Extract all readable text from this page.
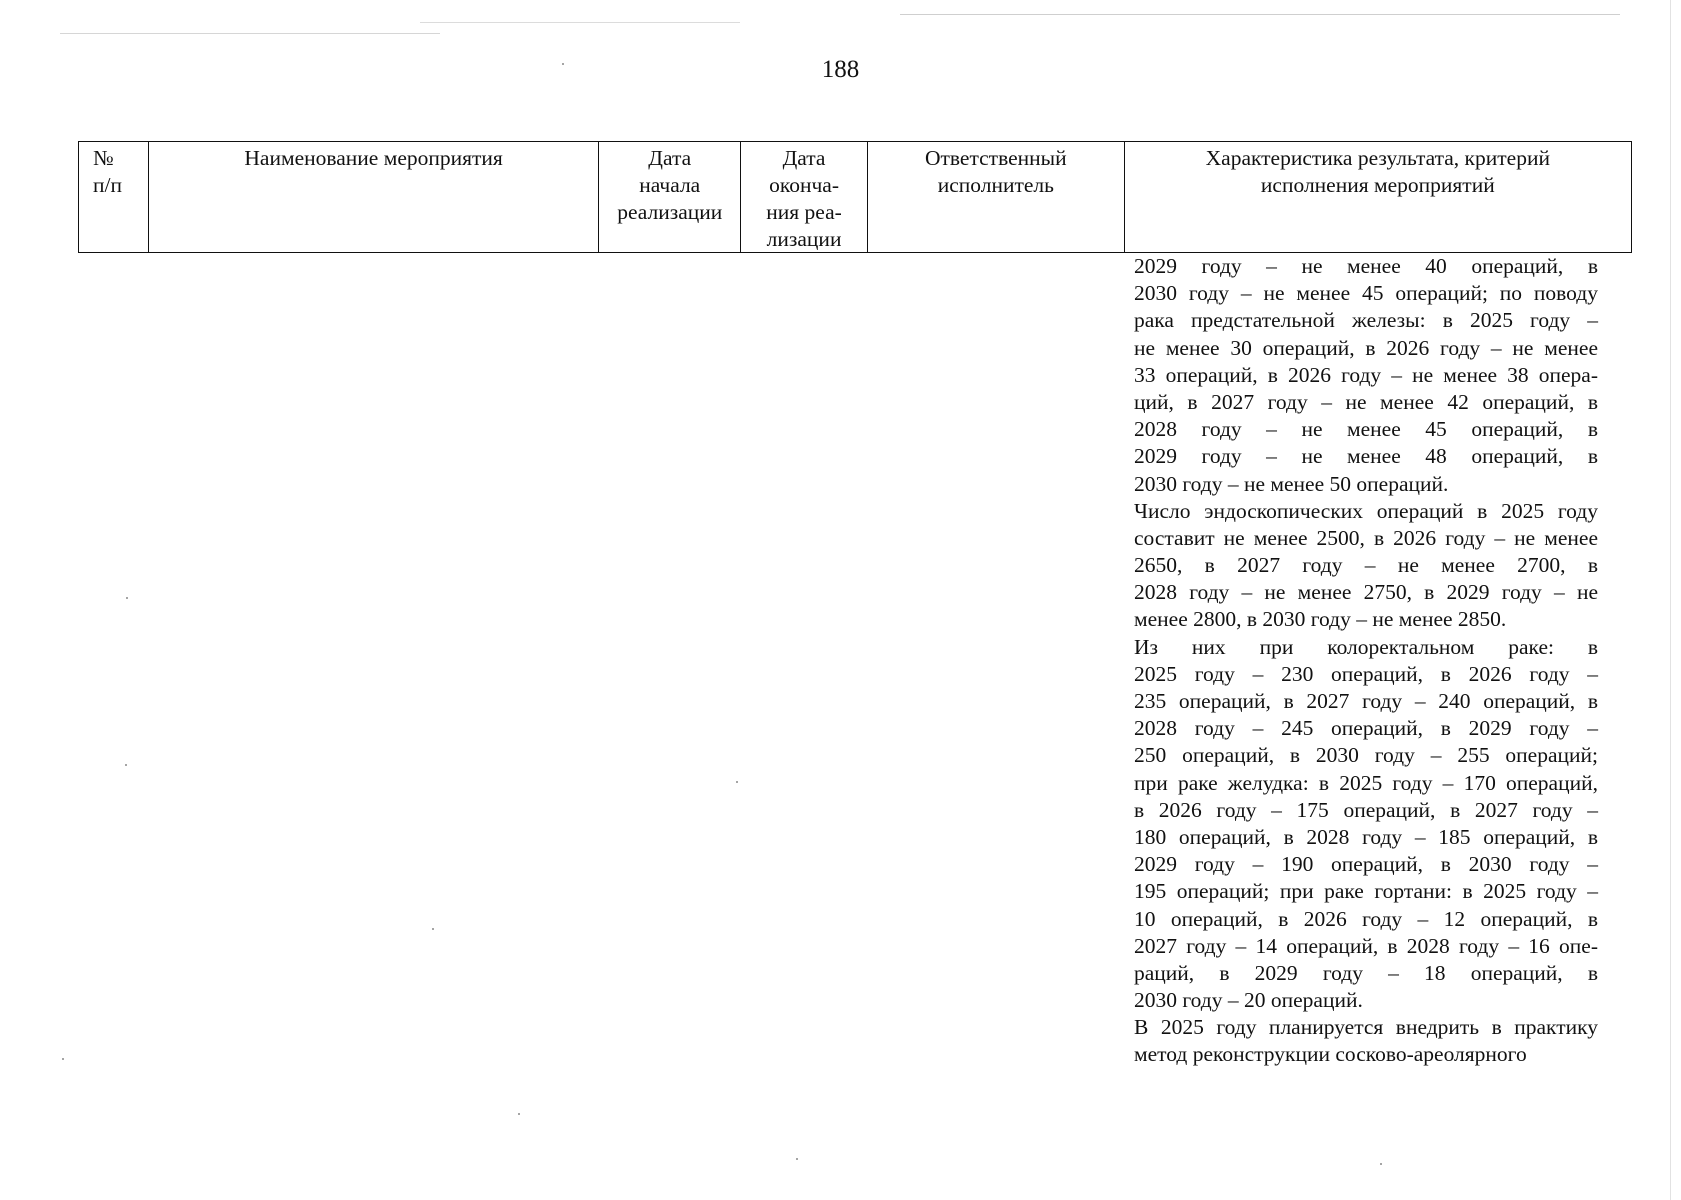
188
№
п/п
Наименование мероприятия	Дата
начала
реализации
Дата
оконча-
ния реа-
лизации
Ответственный
исполнитель
Характеристика результата, критерий
исполнения мероприятий
2029 году – не менее 40 операций, в
2030 году – не менее 45 операций; по поводу
рака предстательной железы: в 2025 году –
не менее 30 операций, в 2026 году – не менее
33 операций, в 2026 году – не менее 38 опера-
ций, в 2027 году – не менее 42 операций, в
2028 году – не менее 45 операций, в
2029 году – не менее 48 операций, в
2030 году – не менее 50 операций.
Число эндоскопических операций в 2025 году
составит не менее 2500, в 2026 году – не менее
2650, в 2027 году – не менее 2700, в
2028 году – не менее 2750, в 2029 году – не
менее 2800, в 2030 году – не менее 2850.
Из них при колоректальном раке: в
2025 году – 230 операций, в 2026 году –
235 операций, в 2027 году – 240 операций, в
2028 году – 245 операций, в 2029 году –
250 операций, в 2030 году – 255 операций;
при раке желудка: в 2025 году – 170 операций,
в 2026 году – 175 операций, в 2027 году –
180 операций, в 2028 году – 185 операций, в
2029 году – 190 операций, в 2030 году –
195 операций; при раке гортани: в 2025 году –
10 операций, в 2026 году – 12 операций, в
2027 году – 14 операций, в 2028 году – 16 опе-
раций, в 2029 году – 18 операций, в
2030 году – 20 операций.
В 2025 году планируется внедрить в практику
метод реконструкции сосково-ареолярного
